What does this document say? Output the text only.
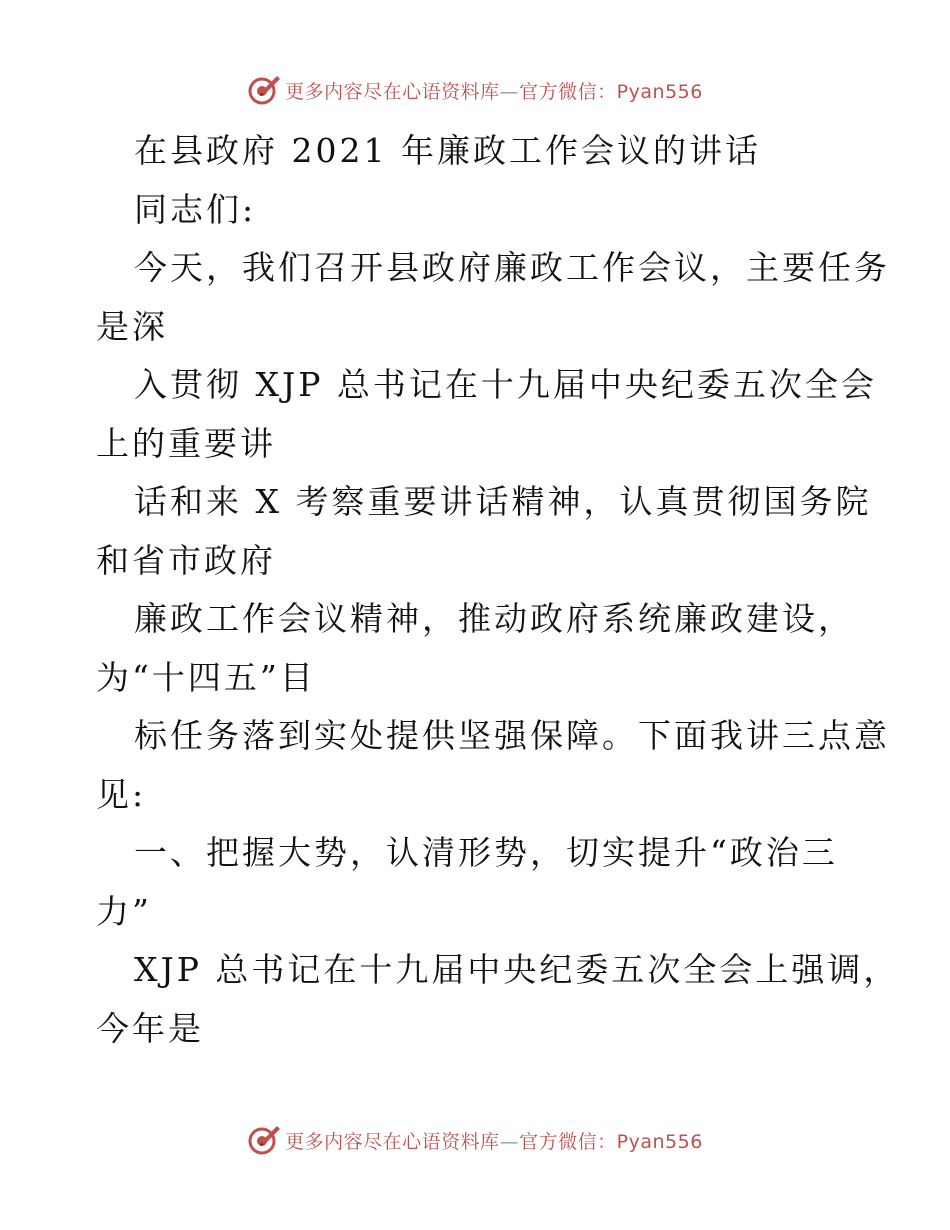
更多内容尽在心语资料库—官方微信：Pyan556

在县政府 2021 年廉政工作会议的讲话

同志们:

今天，我们召开县政府廉政工作会议，主要任务
是深
入贯彻 XJP 总书记在十九届中央纪委五次全会
上的重要讲
话和来 X 考察重要讲话精神，认真贯彻国务院
和省市政府
廉政工作会议精神，推动政府系统廉政建设，
为“十四五”目
标任务落到实处提供坚强保障。下面我讲三点意
见:

一、把握大势，认清形势，切实提升“政治三
力”

XJP 总书记在十九届中央纪委五次全会上强调，
今年是

更多内容尽在心语资料库—官方微信：Pyan556
